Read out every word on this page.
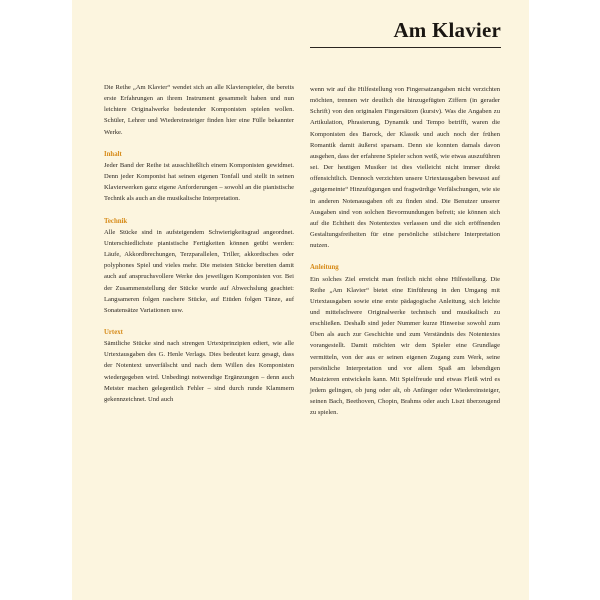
Am Klavier

Die Reihe „Am Klavier“ wendet sich an alle Klavierspieler, die bereits erste Erfahrungen an ihrem Instrument gesammelt haben und nun leichtere Originalwerke bedeutender Komponisten spielen wollen. Schüler, Lehrer und Wiedereinsteiger finden hier eine Fülle bekannter Werke.

Inhalt

Jeder Band der Reihe ist ausschließlich einem Komponisten gewidmet. Denn jeder Komponist hat seinen eigenen Tonfall und stellt in seinen Klavierwerken ganz eigene Anforderungen – sowohl an die pianistische Technik als auch an die musikalische Interpretation.

Technik

Alle Stücke sind in aufsteigendem Schwierigkeitsgrad angeordnet. Unterschiedlichste pianistische Fertigkeiten können geübt werden: Läufe, Akkordbrechungen, Terzparallelen, Triller, akkordisches oder polyphones Spiel und vieles mehr. Die meisten Stücke bereiten damit auch auf anspruchsvollere Werke des jeweiligen Komponisten vor. Bei der Zusammenstellung der Stücke wurde auf Abwechslung geachtet: Langsameren folgen raschere Stücke, auf Etüden folgen Tänze, auf Sonatensätze Variationen usw.

Urtext

Sämtliche Stücke sind nach strengen Urtextprinzipien ediert, wie alle Urtextausgaben des G. Henle Verlags. Dies bedeutet kurz gesagt, dass der Notentext unverfälscht und nach dem Willen des Komponisten wiedergegeben wird. Unbedingt notwendige Ergänzungen – denn auch Meister machen gelegentlich Fehler – sind durch runde Klammern gekennzeichnet. Und auch

wenn wir auf die Hilfestellung von Fingersatzangaben nicht verzichten möchten, trennen wir deutlich die hinzugefügten Ziffern (in gerader Schrift) von den originalen Fingersätzen (kursiv). Was die Angaben zu Artikulation, Phrasierung, Dynamik und Tempo betrifft, waren die Komponisten des Barock, der Klassik und auch noch der frühen Romantik damit äußerst sparsam. Denn sie konnten damals davon ausgehen, dass der erfahrene Spieler schon weiß, wie etwas auszuführen sei. Der heutigen Musiker ist dies vielleicht nicht immer direkt offensichtlich. Dennoch verzichten unsere Urtextausgaben bewusst auf „gutgemeinte“ Hinzufügungen und fragwürdige Verfälschungen, wie sie in anderen Notenausgaben oft zu finden sind. Die Benutzer unserer Ausgaben sind von solchen Bevormundungen befreit; sie können sich auf die Echtheit des Notentextes verlassen und die sich eröffnenden Gestaltungsfreiheiten für eine persönliche stilsichere Interpretation nutzen.

Anleitung

Ein solches Ziel erreicht man freilich nicht ohne Hilfestellung. Die Reihe „Am Klavier“ bietet eine Einführung in den Umgang mit Urtextausgaben sowie eine erste pädagogische Anleitung, sich leichte und mittelschwere Originalwerke technisch und musikalisch zu erschließen. Deshalb sind jeder Nummer kurze Hinweise sowohl zum Üben als auch zur Geschichte und zum Verständnis des Notentextes vorangestellt. Damit möchten wir dem Spieler eine Grundlage vermitteln, von der aus er seinen eigenen Zugang zum Werk, seine persönliche Interpretation und vor allem Spaß am lebendigen Musizieren entwickeln kann. Mit Spielfreude und etwas Fleiß wird es jedem gelingen, ob jung oder alt, ob Anfänger oder Wiedereinsteiger, seinen Bach, Beethoven, Chopin, Brahms oder auch Liszt überzeugend zu spielen.
